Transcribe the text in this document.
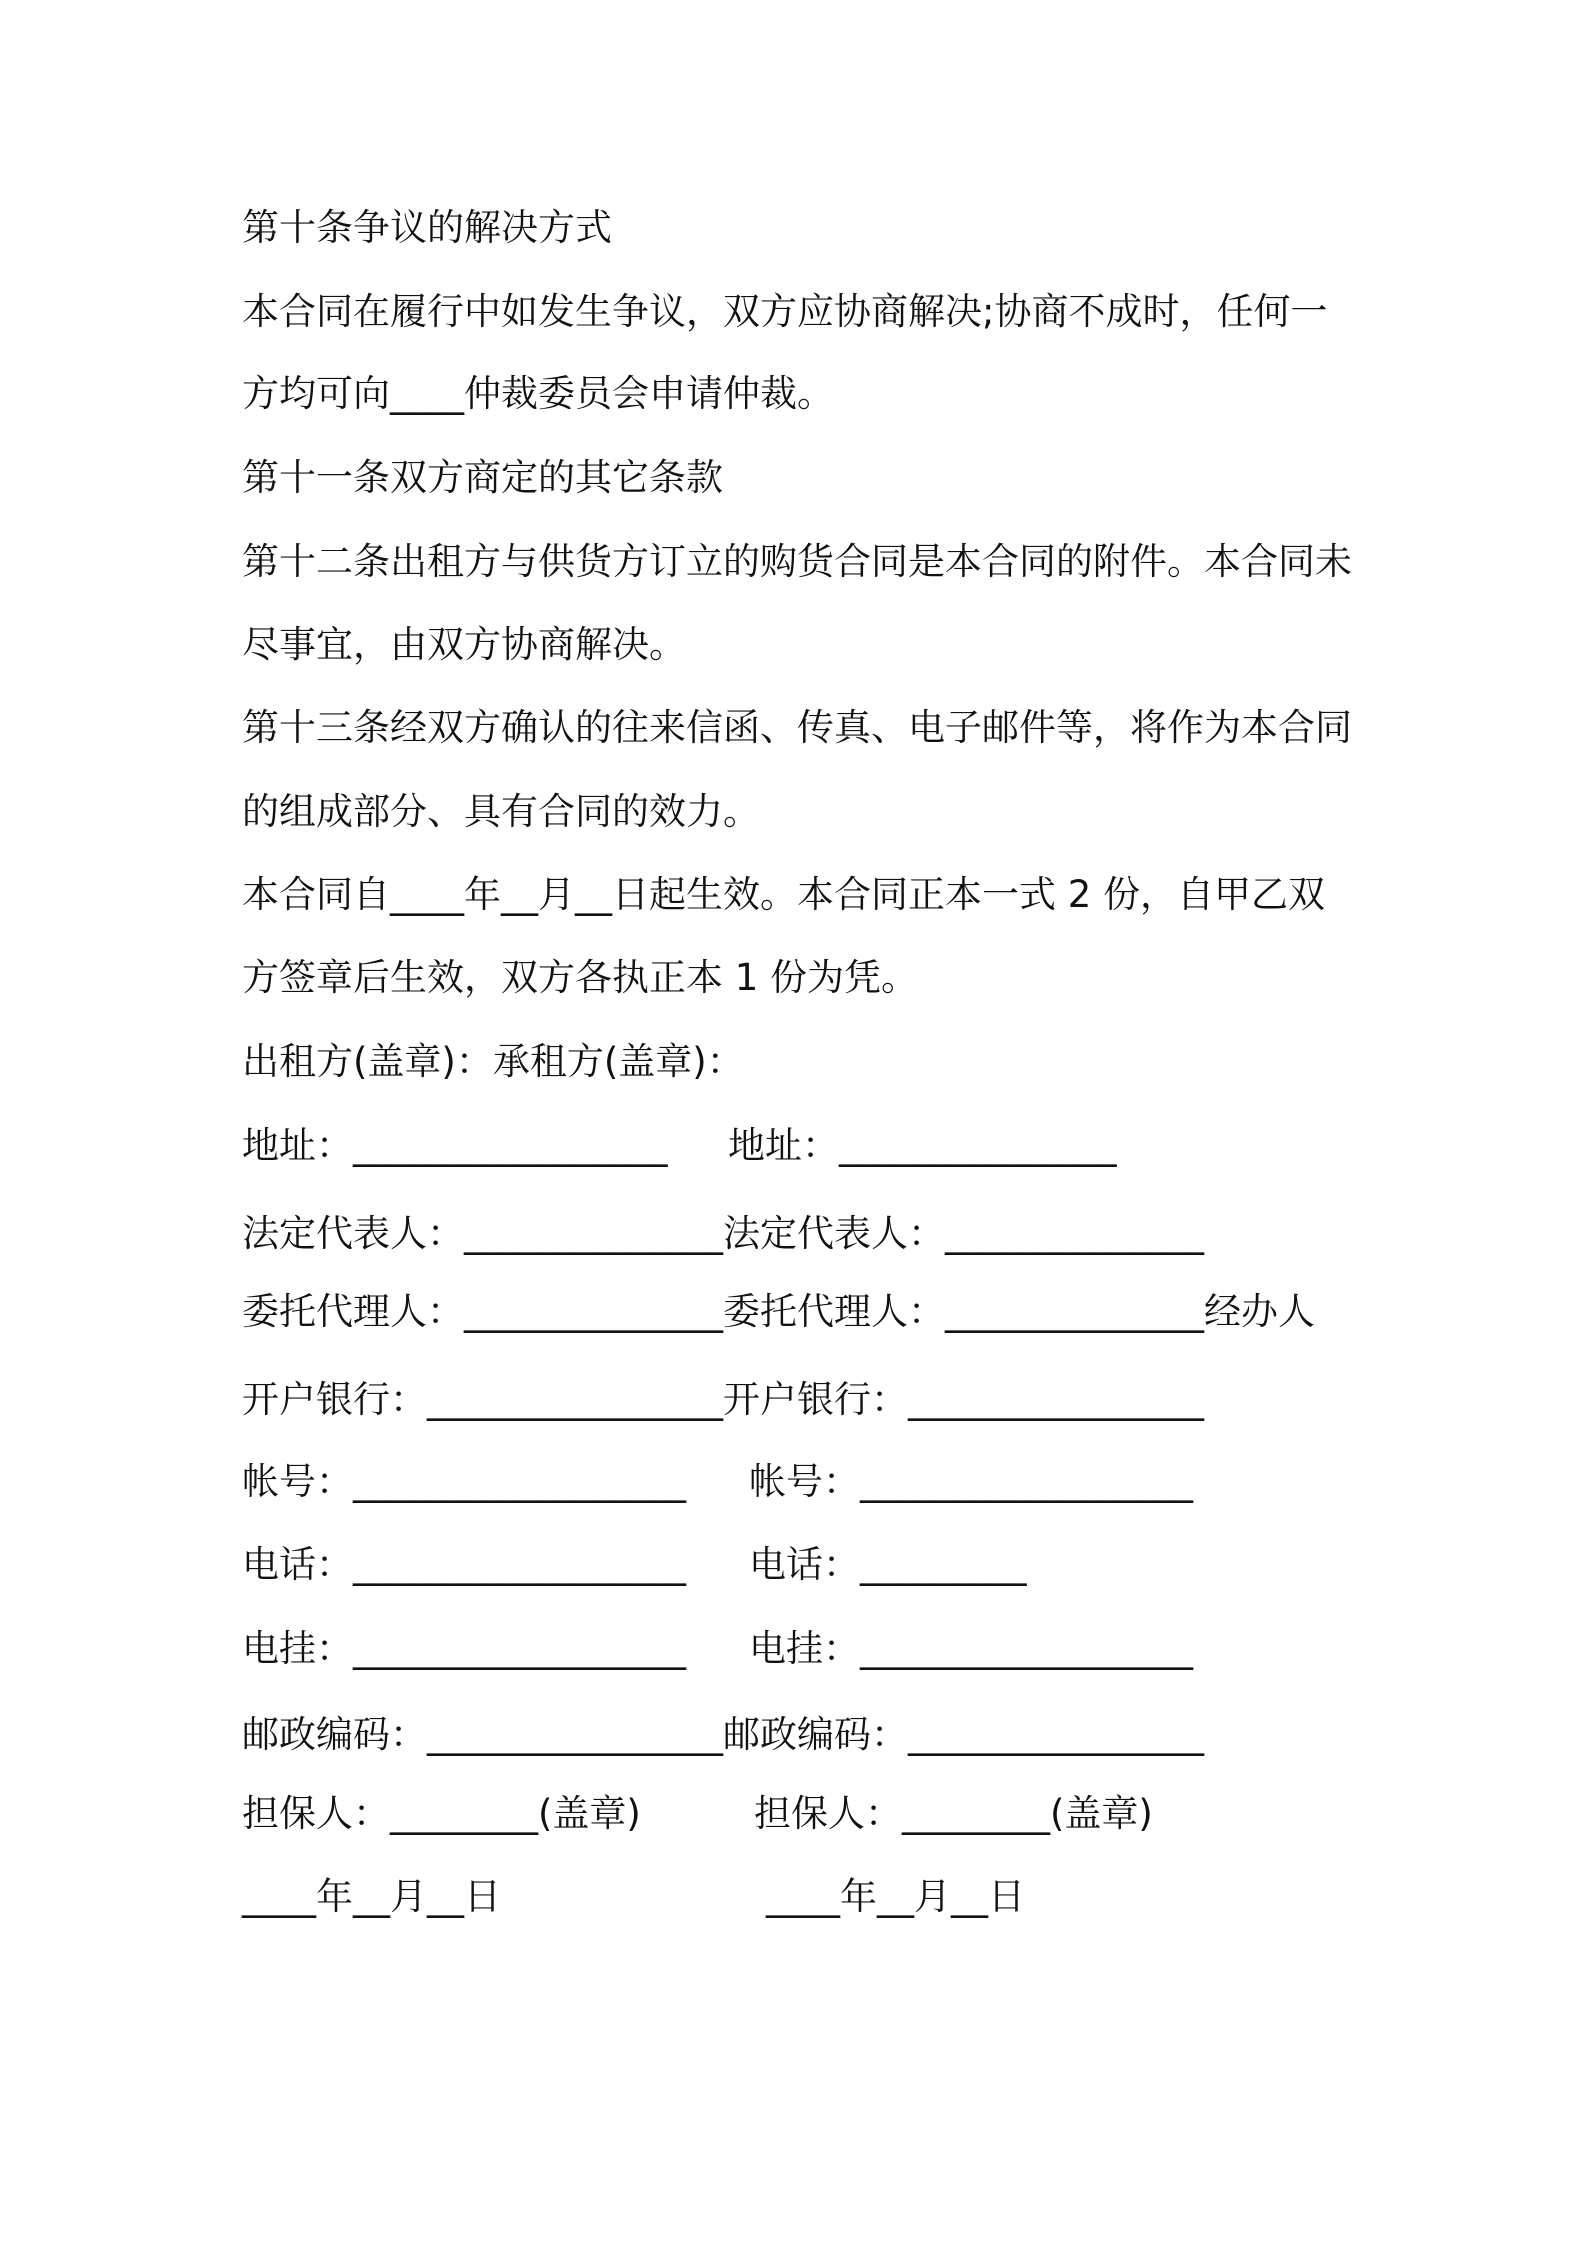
第十条争议的解决方式
本合同在履行中如发生争议，双方应协商解决;协商不成时，任何一
方均可向____仲裁委员会申请仲裁。
第十一条双方商定的其它条款
第十二条出租方与供货方订立的购货合同是本合同的附件。本合同未
尽事宜，由双方协商解决。
第十三条经双方确认的往来信函、传真、电子邮件等，将作为本合同
的组成部分、具有合同的效力。
本合同自____年__月__日起生效。本合同正本一式 2 份，自甲乙双
方签章后生效，双方各执正本 1 份为凭。
出租方(盖章)：承租方(盖章)：
地址：_________________ 地址：_______________
法定代表人：______________法定代表人：______________
委托代理人：______________委托代理人：______________经办人
开户银行：________________开户银行：________________
帐号：__________________ 帐号：__________________
电话：__________________ 电话：_________
电挂：__________________ 电挂：__________________
邮政编码：________________邮政编码：________________
担保人：________(盖章)	担保人：________(盖章)
____年__月__日	____年__月__日
